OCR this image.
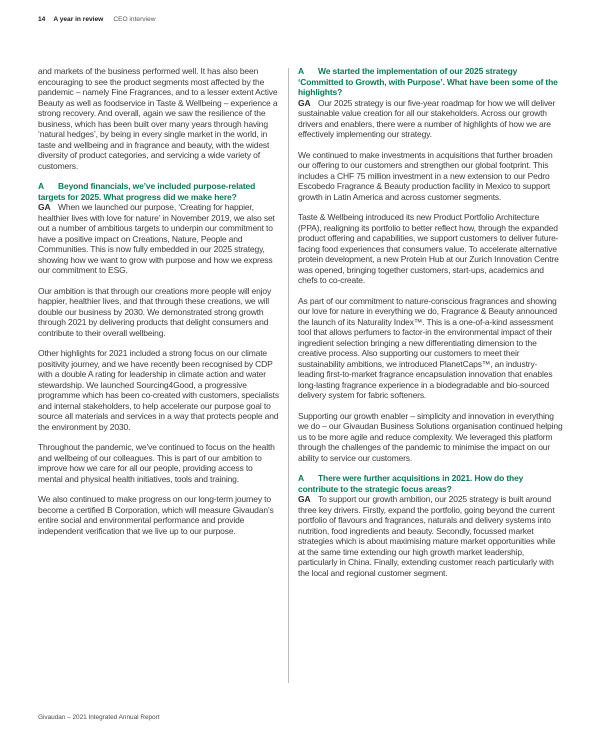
14 A year in review CEO interview

and markets of the business performed well. It has also been encouraging to see the product segments most affected by the pandemic – namely Fine Fragrances, and to a lesser extent Active Beauty as well as foodservice in Taste & Wellbeing – experience a strong recovery. And overall, again we saw the resilience of the business, which has been built over many years through having ‘natural hedges’, by being in every single market in the world, in taste and wellbeing and in fragrance and beauty, with the widest diversity of product categories, and servicing a wide variety of customers.

A Beyond financials, we’ve included purpose-related targets for 2025. What progress did we make here?

GA When we launched our purpose, ‘Creating for happier, healthier lives with love for nature’ in November 2019, we also set out a number of ambitious targets to underpin our commitment to have a positive impact on Creations, Nature, People and Communities. This is now fully embedded in our 2025 strategy, showing how we want to grow with purpose and how we express our commitment to ESG.

Our ambition is that through our creations more people will enjoy happier, healthier lives, and that through these creations, we will double our business by 2030. We demonstrated strong growth through 2021 by delivering products that delight consumers and contribute to their overall wellbeing.

Other highlights for 2021 included a strong focus on our climate positivity journey, and we have recently been recognised by CDP with a double A rating for leadership in climate action and water stewardship. We launched Sourcing4Good, a progressive programme which has been co-created with customers, specialists and internal stakeholders, to help accelerate our purpose goal to source all materials and services in a way that protects people and the environment by 2030.

Throughout the pandemic, we’ve continued to focus on the health and wellbeing of our colleagues. This is part of our ambition to improve how we care for all our people, providing access to mental and physical health initiatives, tools and training.

We also continued to make progress on our long-term journey to become a certified B Corporation, which will measure Givaudan’s entire social and environmental performance and provide independent verification that we live up to our purpose.

A We started the implementation of our 2025 strategy ‘Committed to Growth, with Purpose’. What have been some of the highlights?

GA Our 2025 strategy is our five-year roadmap for how we will deliver sustainable value creation for all our stakeholders. Across our growth drivers and enablers, there were a number of highlights of how we are effectively implementing our strategy.

We continued to make investments in acquisitions that further broaden our offering to our customers and strengthen our global footprint. This includes a CHF 75 million investment in a new extension to our Pedro Escobedo Fragrance & Beauty production facility in Mexico to support growth in Latin America and across customer segments.

Taste & Wellbeing introduced its new Product Portfolio Architecture (PPA), realigning its portfolio to better reflect how, through the expanded product offering and capabilities, we support customers to deliver future-facing food experiences that consumers value. To accelerate alternative protein development, a new Protein Hub at our Zurich Innovation Centre was opened, bringing together customers, start-ups, academics and chefs to co-create.

As part of our commitment to nature-conscious fragrances and showing our love for nature in everything we do, Fragrance & Beauty announced the launch of its Naturality Index™. This is a one-of-a-kind assessment tool that allows perfumers to factor-in the environmental impact of their ingredient selection bringing a new differentiating dimension to the creative process. Also supporting our customers to meet their sustainability ambitions, we introduced PlanetCaps™, an industry-leading first-to-market fragrance encapsulation innovation that enables long-lasting fragrance experience in a biodegradable and bio-sourced delivery system for fabric softeners.

Supporting our growth enabler – simplicity and innovation in everything we do – our Givaudan Business Solutions organisation continued helping us to be more agile and reduce complexity. We leveraged this platform through the challenges of the pandemic to minimise the impact on our ability to service our customers.

A There were further acquisitions in 2021. How do they contribute to the strategic focus areas?

GA To support our growth ambition, our 2025 strategy is built around three key drivers. Firstly, expand the portfolio, going beyond the current portfolio of flavours and fragrances, naturals and delivery systems into nutrition, food ingredients and beauty. Secondly, focussed market strategies which is about maximising mature market opportunities while at the same time extending our high growth market leadership, particularly in China. Finally, extending customer reach particularly with the local and regional customer segment.

Givaudan – 2021 Integrated Annual Report
